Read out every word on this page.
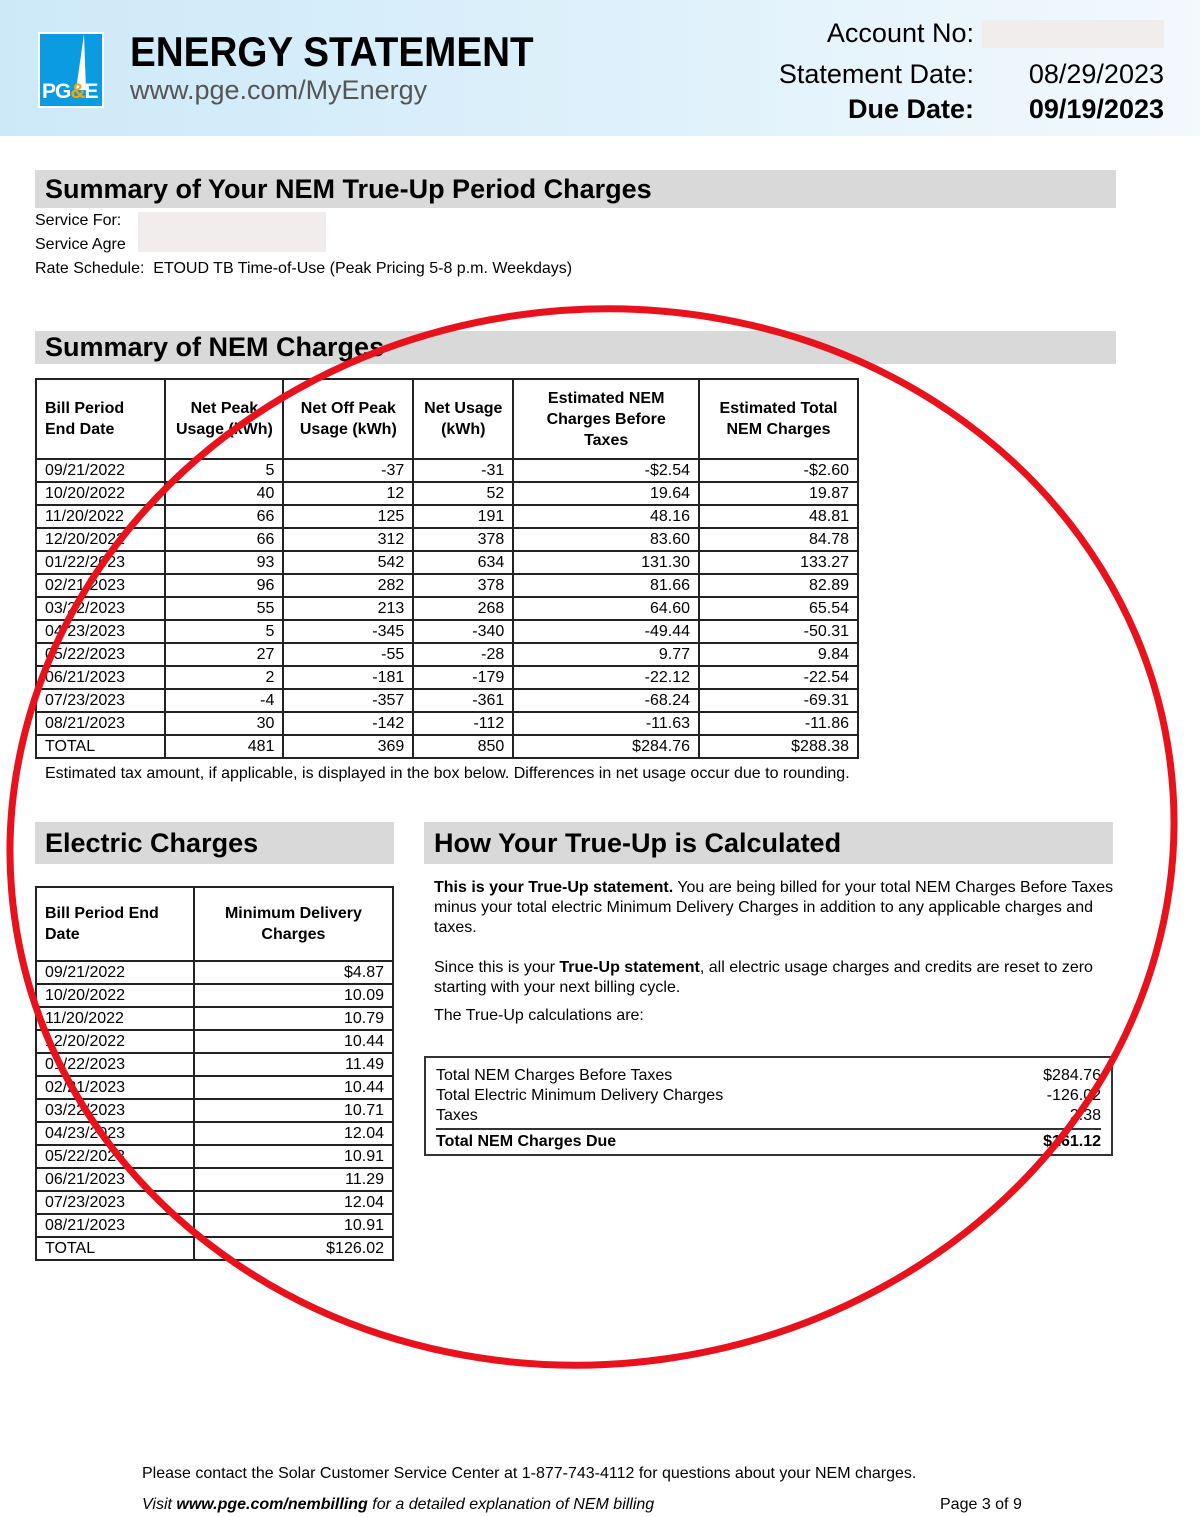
PG&E
ENERGY STATEMENT
www.pge.com/MyEnergy
Account No:
Statement Date:	08/29/2023
Due Date:	09/19/2023
Summary of Your NEM True-Up Period Charges
Service For:
Service Agre
Rate Schedule: ETOUD TB Time-of-Use (Peak Pricing 5-8 p.m. Weekdays)
Summary of NEM Charges
Bill Period End Date	Net Peak Usage (kWh)	Net Off Peak Usage (kWh)	Net Usage (kWh)	Estimated NEM Charges Before Taxes	Estimated Total NEM Charges
09/21/2022	5	-37	-31	-$2.54	-$2.60
10/20/2022	40	12	52	19.64	19.87
11/20/2022	66	125	191	48.16	48.81
12/20/2022	66	312	378	83.60	84.78
01/22/2023	93	542	634	131.30	133.27
02/21/2023	96	282	378	81.66	82.89
03/22/2023	55	213	268	64.60	65.54
04/23/2023	5	-345	-340	-49.44	-50.31
05/22/2023	27	-55	-28	9.77	9.84
06/21/2023	2	-181	-179	-22.12	-22.54
07/23/2023	-4	-357	-361	-68.24	-69.31
08/21/2023	30	-142	-112	-11.63	-11.86
TOTAL	481	369	850	$284.76	$288.38
Estimated tax amount, if applicable, is displayed in the box below. Differences in net usage occur due to rounding.
Electric Charges
Bill Period End Date	Minimum Delivery Charges
09/21/2022	$4.87
10/20/2022	10.09
11/20/2022	10.79
12/20/2022	10.44
01/22/2023	11.49
02/21/2023	10.44
03/22/2023	10.71
04/23/2023	12.04
05/22/2023	10.91
06/21/2023	11.29
07/23/2023	12.04
08/21/2023	10.91
TOTAL	$126.02
How Your True-Up is Calculated

This is your True-Up statement. You are being billed for your total NEM Charges Before Taxes minus your total electric Minimum Delivery Charges in addition to any applicable charges and taxes.

Since this is your True-Up statement, all electric usage charges and credits are reset to zero starting with your next billing cycle.

The True-Up calculations are:

Total NEM Charges Before Taxes	$284.76
Total Electric Minimum Delivery Charges	-126.02
Taxes	2.38
Total NEM Charges Due	$161.12
Please contact the Solar Customer Service Center at 1-877-743-4112 for questions about your NEM charges.
Visit www.pge.com/nembilling for a detailed explanation of NEM billing	Page 3 of 9
